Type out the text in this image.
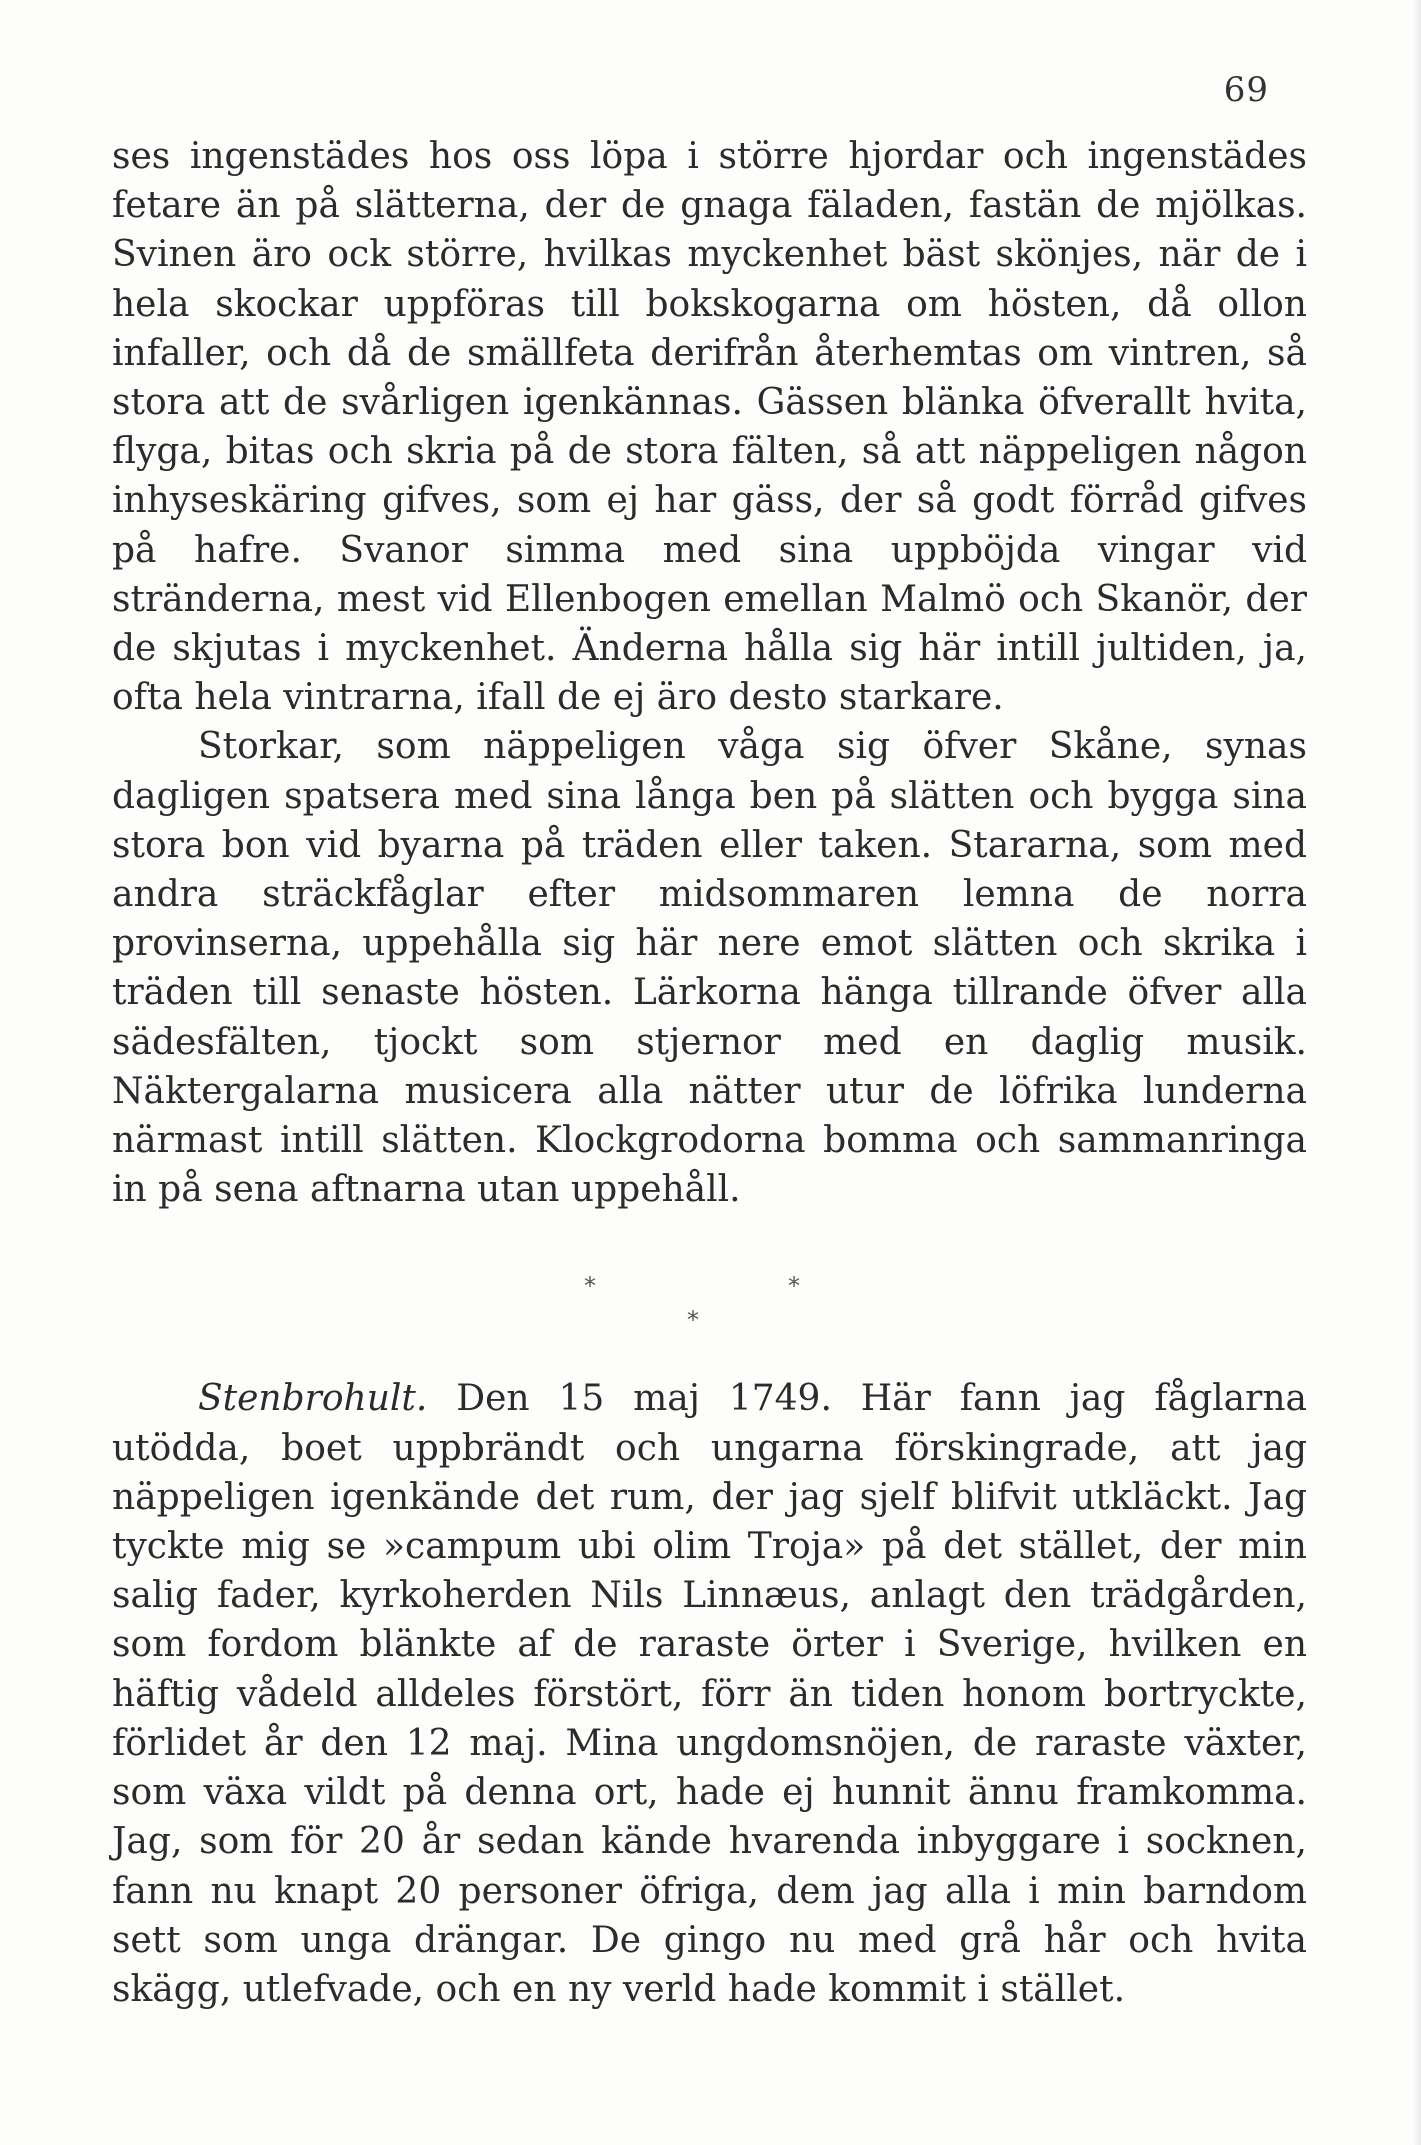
69

ses ingenstädes hos oss löpa i större hjordar och ingenstädes fetare än på slätterna, der de gnaga fäladen, fastän de mjölkas. Svinen äro ock större, hvilkas myckenhet bäst skönjes, när de i hela skockar uppföras till bokskogarna om hösten, då ollon infaller, och då de smällfeta derifrån återhemtas om vintren, så stora att de svårligen igenkännas. Gässen blänka öfverallt hvita, flyga, bitas och skria på de stora fälten, så att näppeligen någon inhyseskäring gifves, som ej har gäss, der så godt förråd gifves på hafre. Svanor simma med sina uppböjda vingar vid stränderna, mest vid Ellenbogen emellan Malmö och Skanör, der de skjutas i myckenhet. Änderna hålla sig här intill jultiden, ja, ofta hela vintrarna, ifall de ej äro desto starkare.

Storkar, som näppeligen våga sig öfver Skåne, synas dagligen spatsera med sina långa ben på slätten och bygga sina stora bon vid byarna på träden eller taken. Stararna, som med andra sträckfåglar efter midsommaren lemna de norra provinserna, uppehålla sig här nere emot slätten och skrika i träden till senaste hösten. Lärkorna hänga tillrande öfver alla sädesfälten, tjockt som stjernor med en daglig musik. Näktergalarna musicera alla nätter utur de löfrika lunderna närmast intill slätten. Klockgrodorna bomma och sammanringa in på sena aftnarna utan uppehåll.

*	*
*

Stenbrohult. Den 15 maj 1749. Här fann jag fåglarna utödda, boet uppbrändt och ungarna förskingrade, att jag näppeligen igenkände det rum, der jag sjelf blifvit utkläckt. Jag tyckte mig se »campum ubi olim Troja» på det stället, der min salig fader, kyrkoherden Nils Linnæus, anlagt den trädgården, som fordom blänkte af de raraste örter i Sverige, hvilken en häftig vådeld alldeles förstört, förr än tiden honom bortryckte, förlidet år den 12 maj. Mina ungdomsnöjen, de raraste växter, som växa vildt på denna ort, hade ej hunnit ännu framkomma. Jag, som för 20 år sedan kände hvarenda inbyggare i socknen, fann nu knapt 20 personer öfriga, dem jag alla i min barndom sett som unga drängar. De gingo nu med grå hår och hvita skägg, utlefvade, och en ny verld hade kommit i stället.
